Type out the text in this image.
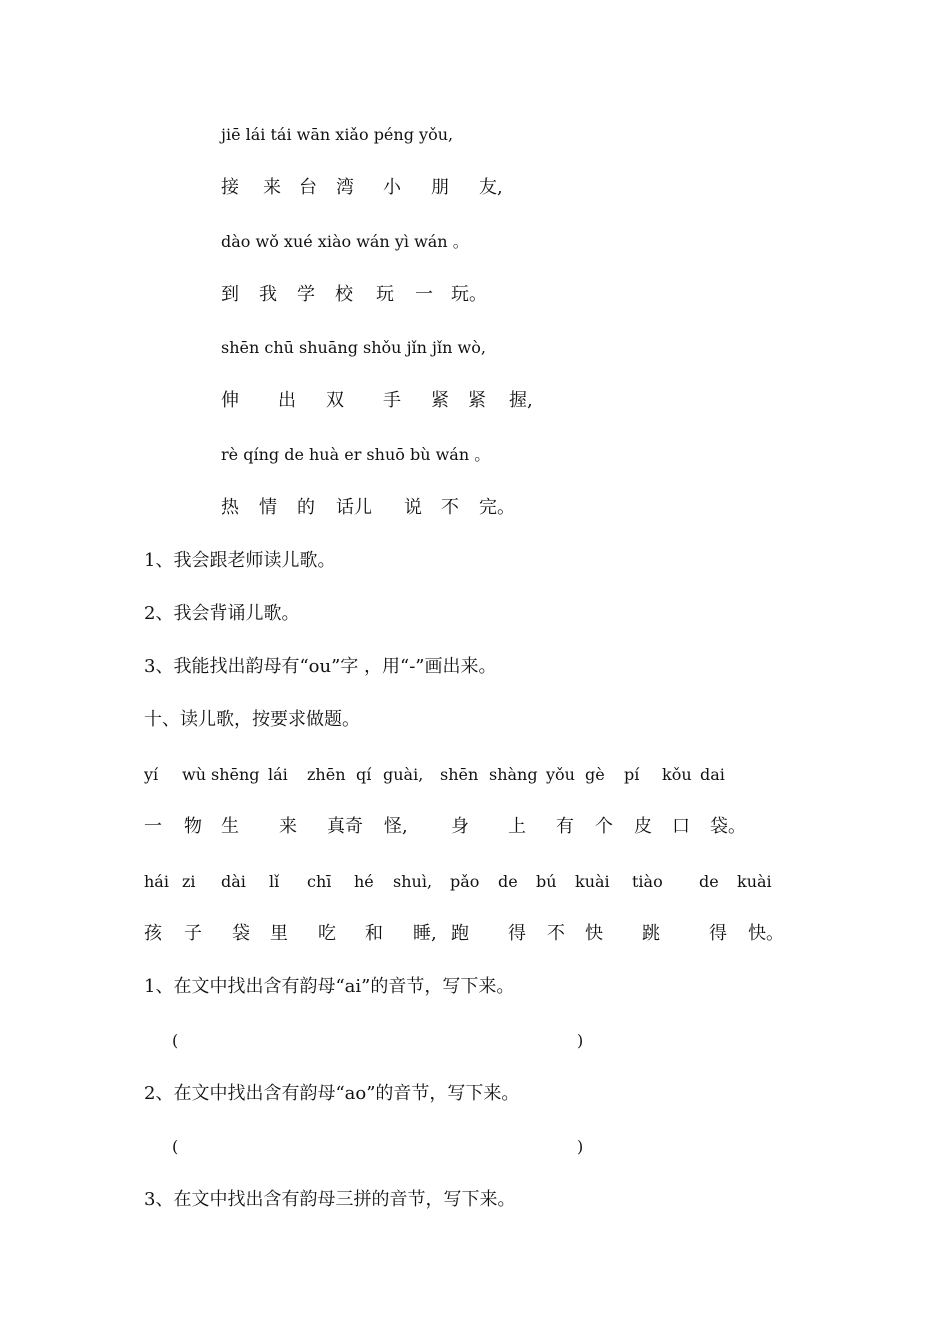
jiē lái tái wān xiǎo péng yǒu,

接

来

台

湾

小

朋

友,

dào wǒ xué xiào wán yì wán 。

到

我

学

校

玩

一

玩。

shēn chū shuāng shǒu jǐn jǐn wò,

伸

出

双

手

紧

紧

握,

rè qíng de huà er shuō bù wán 。

热

情

的

话儿

说

不

完。

1、我会跟老师读儿歌。
2、我会背诵儿歌。
3、我能找出韵母有“ou”字 ，用“-”画出来。
十、读儿歌，按要求做题。

yí

wù

shēng

lái

zhēn

qí

guài,

shēn

shàng

yǒu

gè

pí

kǒu

dai

一

物

生

来

真奇

怪,

身

上

有

个

皮

口

袋。

hái

zi

dài

lǐ

chī

hé

shuì,

pǎo

de

bú

kuài

tiào

de

kuài

孩

子

袋

里

吃

和

睡,

跑

得

不

快

跳

	得

快。

1、在文中找出含有韵母“ai”的音节，写下来。
(	)
2、在文中找出含有韵母“ao”的音节，写下来。
(	)
3、在文中找出含有韵母三拼的音节，写下来。
